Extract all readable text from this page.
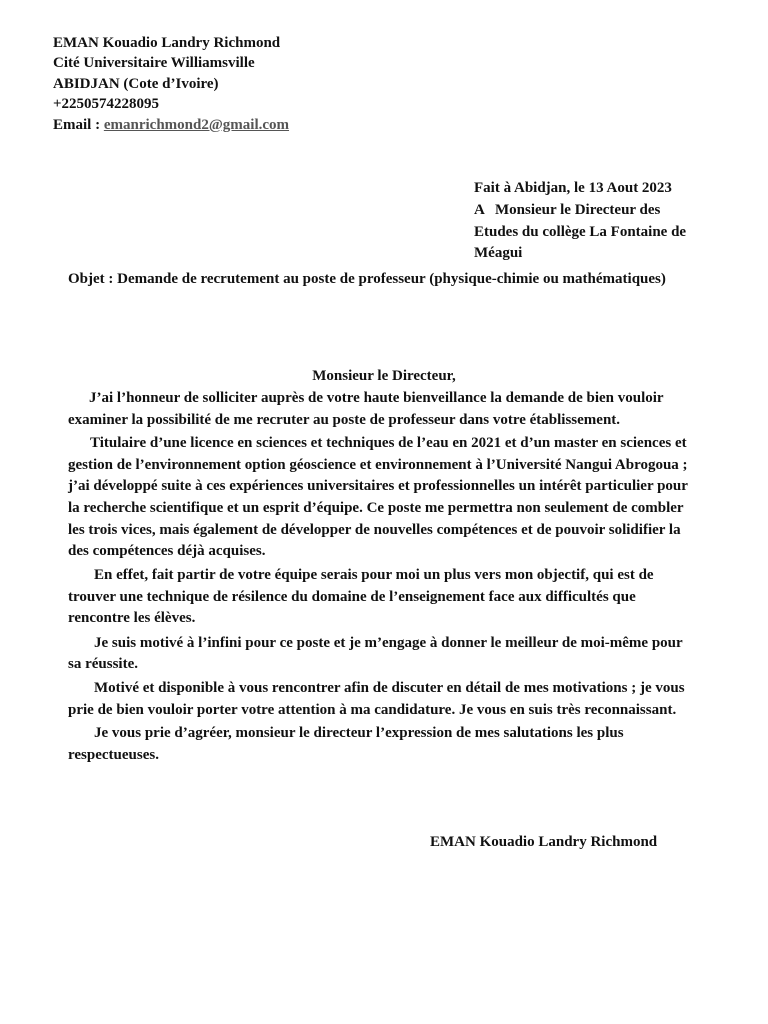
EMAN Kouadio Landry Richmond
Cité Universitaire Williamsville
ABIDJAN (Cote d’Ivoire)
+2250574228095
Email : emanrichmond2@gmail.com
Fait à Abidjan, le 13 Aout 2023
A Monsieur le Directeur des
Etudes du collège La Fontaine de
Méagui
Objet : Demande de recrutement au poste de professeur (physique-chimie ou mathématiques)
Monsieur le Directeur,
J’ai l’honneur de solliciter auprès de votre haute bienveillance la demande de bien vouloir
examiner la possibilité de me recruter au poste de professeur dans votre établissement.
Titulaire d’une licence en sciences et techniques de l’eau en 2021 et d’un master en sciences et
gestion de l’environnement option géoscience et environnement à l’Université Nangui Abrogoua ;
j’ai développé suite à ces expériences universitaires et professionnelles un intérêt particulier pour
la recherche scientifique et un esprit d’équipe. Ce poste me permettra non seulement de combler
les trois vices, mais également de développer de nouvelles compétences et de pouvoir solidifier la
des compétences déjà acquises.
En effet, fait partir de votre équipe serais pour moi un plus vers mon objectif, qui est de
trouver une technique de résilence du domaine de l’enseignement face aux difficultés que
rencontre les élèves.
Je suis motivé à l’infini pour ce poste et je m’engage à donner le meilleur de moi-même pour
sa réussite.
Motivé et disponible à vous rencontrer afin de discuter en détail de mes motivations ; je vous
prie de bien vouloir porter votre attention à ma candidature. Je vous en suis très reconnaissant.
Je vous prie d’agréer, monsieur le directeur l’expression de mes salutations les plus
respectueuses.
EMAN Kouadio Landry Richmond
